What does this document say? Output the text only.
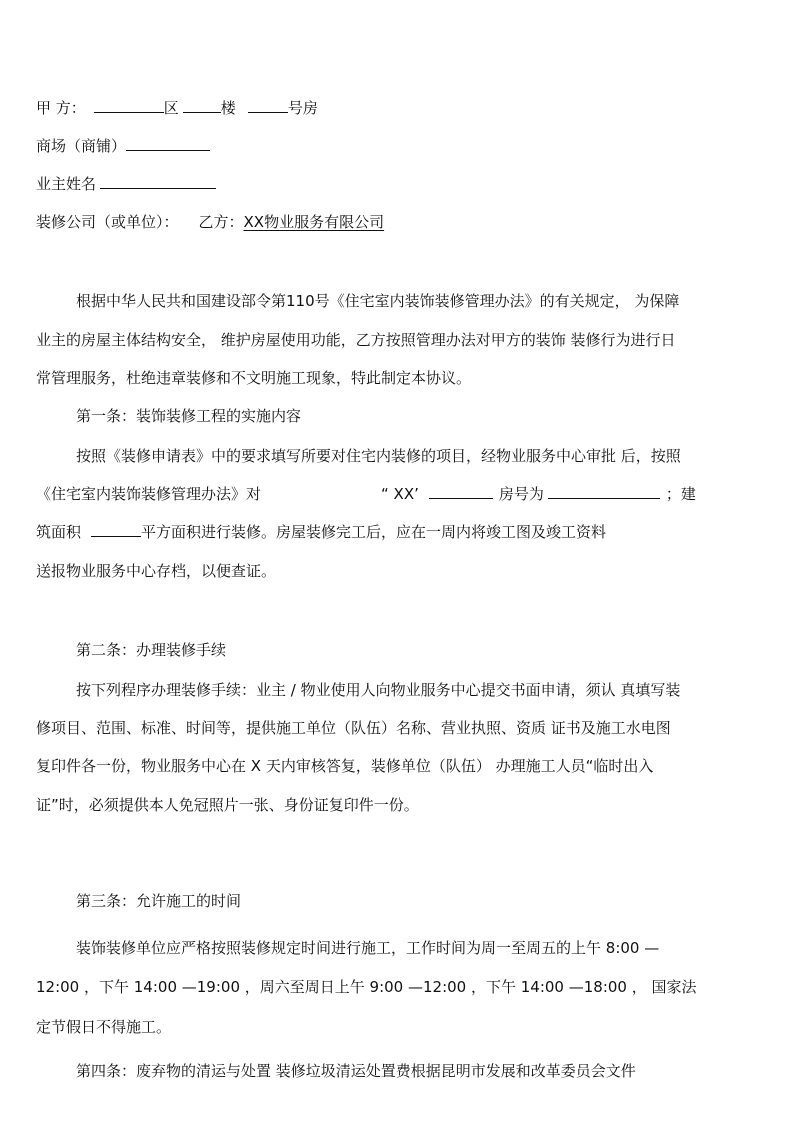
甲 方：	区	楼	号房
商场（商铺）
业主姓名
装修公司（或单位）： 乙方：XX物业服务有限公司
根据中华人民共和国建设部令第110号《住宅室内装饰装修管理办法》的有关规定， 为保障
业主的房屋主体结构安全， 维护房屋使用功能，乙方按照管理办法对甲方的装饰 装修行为进行日
常管理服务，杜绝违章装修和不文明施工现象，特此制定本协议。
第一条：装饰装修工程的实施内容
按照《装修申请表》中的要求填写所要对住宅内装修的项目，经物业服务中心审批 后，按照
《住宅室内装饰装修管理办法》对	“ XX’	房号为	；建
筑面积	平方面积进行装修。房屋装修完工后，应在一周内将竣工图及竣工资料
送报物业服务中心存档，以便查证。
第二条：办理装修手续
按下列程序办理装修手续：业主 / 物业使用人向物业服务中心提交书面申请，须认 真填写装
修项目、范围、标准、时间等，提供施工单位（队伍）名称、营业执照、资质 证书及施工水电图
复印件各一份，物业服务中心在 X 天内审核答复，装修单位（队伍） 办理施工人员“临时出入
证”时，必须提供本人免冠照片一张、身份证复印件一份。
第三条：允许施工的时间
装饰装修单位应严格按照装修规定时间进行施工，工作时间为周一至周五的上午 8:00 —
12:00 ，下午 14:00 —19:00 ，周六至周日上午 9:00 —12:00 ，下午 14:00 —18:00 ， 国家法
定节假日不得施工。
第四条：废弃物的清运与处置 装修垃圾清运处置费根据昆明市发展和改革委员会文件
